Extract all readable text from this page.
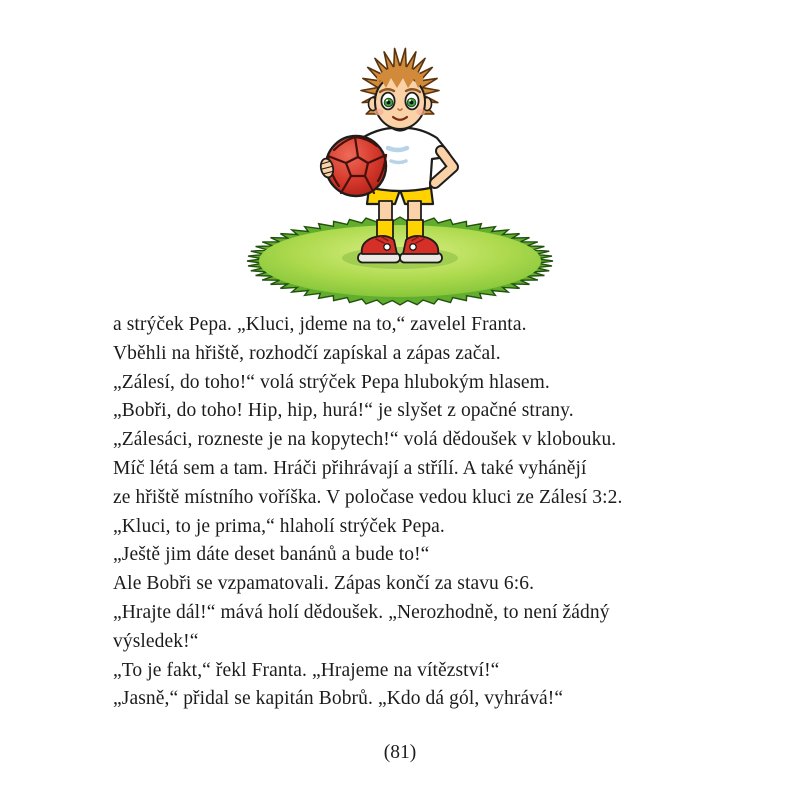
a strýček Pepa. „Kluci, jdeme na to,“ zavelel Franta.
Vběhli na hřiště, rozhodčí zapískal a zápas začal.
„Zálesí, do toho!“ volá strýček Pepa hlubokým hlasem.
„Bobři, do toho! Hip, hip, hurá!“ je slyšet z opačné strany.
„Zálesáci, rozneste je na kopytech!“ volá dědoušek v klobouku.
Míč létá sem a tam. Hráči přihrávají a střílí. A také vyhánějí
ze hřiště místního voříška. V poločase vedou kluci ze Zálesí 3:2.
„Kluci, to je prima,“ hlaholí strýček Pepa.
„Ještě jim dáte deset banánů a bude to!“
Ale Bobři se vzpamatovali. Zápas končí za stavu 6:6.
„Hrajte dál!“ mává holí dědoušek. „Nerozhodně, to není žádný
výsledek!“
„To je fakt,“ řekl Franta. „Hrajeme na vítězství!“
„Jasně,“ přidal se kapitán Bobrů. „Kdo dá gól, vyhrává!“
(81)
